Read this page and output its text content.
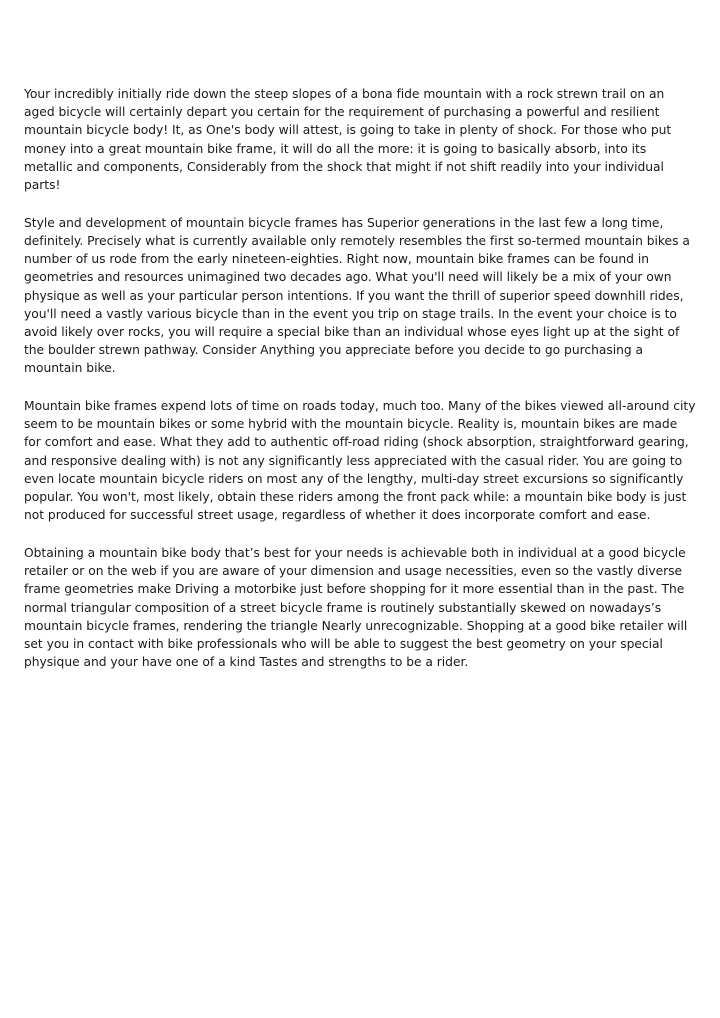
Your incredibly initially ride down the steep slopes of a bona fide mountain with a rock strewn trail on an aged bicycle will certainly depart you certain for the requirement of purchasing a powerful and resilient mountain bicycle body! It, as One's body will attest, is going to take in plenty of shock. For those who put money into a great mountain bike frame, it will do all the more: it is going to basically absorb, into its metallic and components, Considerably from the shock that might if not shift readily into your individual parts!

Style and development of mountain bicycle frames has Superior generations in the last few a long time, definitely. Precisely what is currently available only remotely resembles the first so-termed mountain bikes a number of us rode from the early nineteen-eighties. Right now, mountain bike frames can be found in geometries and resources unimagined two decades ago. What you'll need will likely be a mix of your own physique as well as your particular person intentions. If you want the thrill of superior speed downhill rides, you'll need a vastly various bicycle than in the event you trip on stage trails. In the event your choice is to avoid likely over rocks, you will require a special bike than an individual whose eyes light up at the sight of the boulder strewn pathway. Consider Anything you appreciate before you decide to go purchasing a mountain bike.

Mountain bike frames expend lots of time on roads today, much too. Many of the bikes viewed all-around city seem to be mountain bikes or some hybrid with the mountain bicycle. Reality is, mountain bikes are made for comfort and ease. What they add to authentic off-road riding (shock absorption, straightforward gearing, and responsive dealing with) is not any significantly less appreciated with the casual rider. You are going to even locate mountain bicycle riders on most any of the lengthy, multi-day street excursions so significantly popular. You won't, most likely, obtain these riders among the front pack while: a mountain bike body is just not produced for successful street usage, regardless of whether it does incorporate comfort and ease.

Obtaining a mountain bike body that’s best for your needs is achievable both in individual at a good bicycle retailer or on the web if you are aware of your dimension and usage necessities, even so the vastly diverse frame geometries make Driving a motorbike just before shopping for it more essential than in the past. The normal triangular composition of a street bicycle frame is routinely substantially skewed on nowadays’s mountain bicycle frames, rendering the triangle Nearly unrecognizable. Shopping at a good bike retailer will set you in contact with bike professionals who will be able to suggest the best geometry on your special physique and your have one of a kind Tastes and strengths to be a rider.
